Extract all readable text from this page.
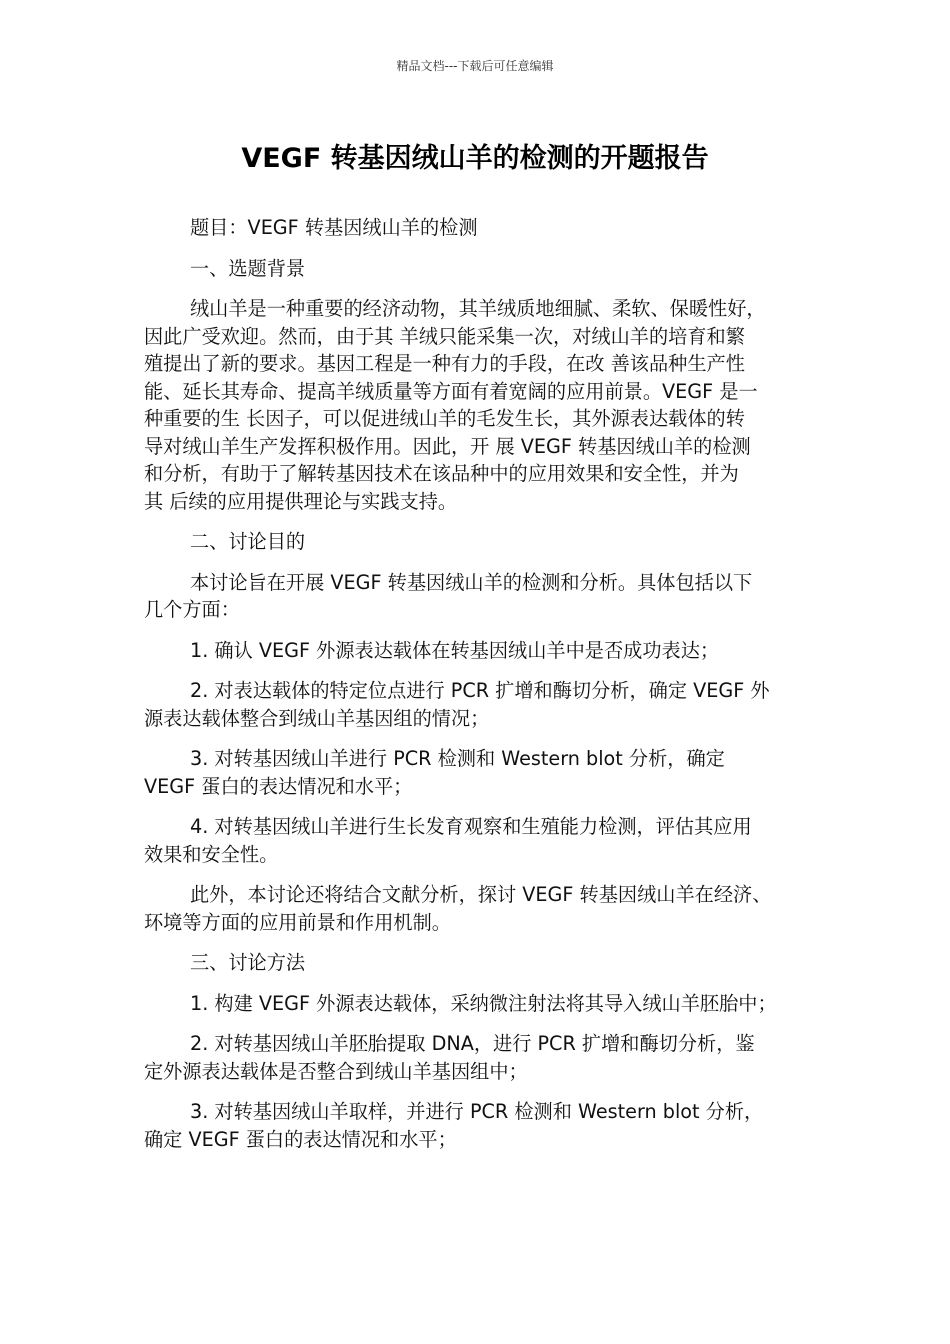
精品文档---下载后可任意编辑
VEGF 转基因绒山羊的检测的开题报告
题目：VEGF 转基因绒山羊的检测
一、选题背景
绒山羊是一种重要的经济动物，其羊绒质地细腻、柔软、保暖性好，
因此广受欢迎。然而，由于其 羊绒只能采集一次，对绒山羊的培育和繁
殖提出了新的要求。基因工程是一种有力的手段，在改 善该品种生产性
能、延长其寿命、提高羊绒质量等方面有着宽阔的应用前景。VEGF 是一
种重要的生 长因子，可以促进绒山羊的毛发生长，其外源表达载体的转
导对绒山羊生产发挥积极作用。因此，开 展 VEGF 转基因绒山羊的检测
和分析，有助于了解转基因技术在该品种中的应用效果和安全性，并为
其 后续的应用提供理论与实践支持。
二、讨论目的
本讨论旨在开展 VEGF 转基因绒山羊的检测和分析。具体包括以下
几个方面：
1. 确认 VEGF 外源表达载体在转基因绒山羊中是否成功表达；
2. 对表达载体的特定位点进行 PCR 扩增和酶切分析，确定 VEGF 外
源表达载体整合到绒山羊基因组的情况；
3. 对转基因绒山羊进行 PCR 检测和 Western blot 分析，确定
VEGF 蛋白的表达情况和水平；
4. 对转基因绒山羊进行生长发育观察和生殖能力检测，评估其应用
效果和安全性。
此外，本讨论还将结合文献分析，探讨 VEGF 转基因绒山羊在经济、
环境等方面的应用前景和作用机制。
三、讨论方法
1. 构建 VEGF 外源表达载体，采纳微注射法将其导入绒山羊胚胎中；
2. 对转基因绒山羊胚胎提取 DNA，进行 PCR 扩增和酶切分析，鉴
定外源表达载体是否整合到绒山羊基因组中；
3. 对转基因绒山羊取样，并进行 PCR 检测和 Western blot 分析，
确定 VEGF 蛋白的表达情况和水平；
